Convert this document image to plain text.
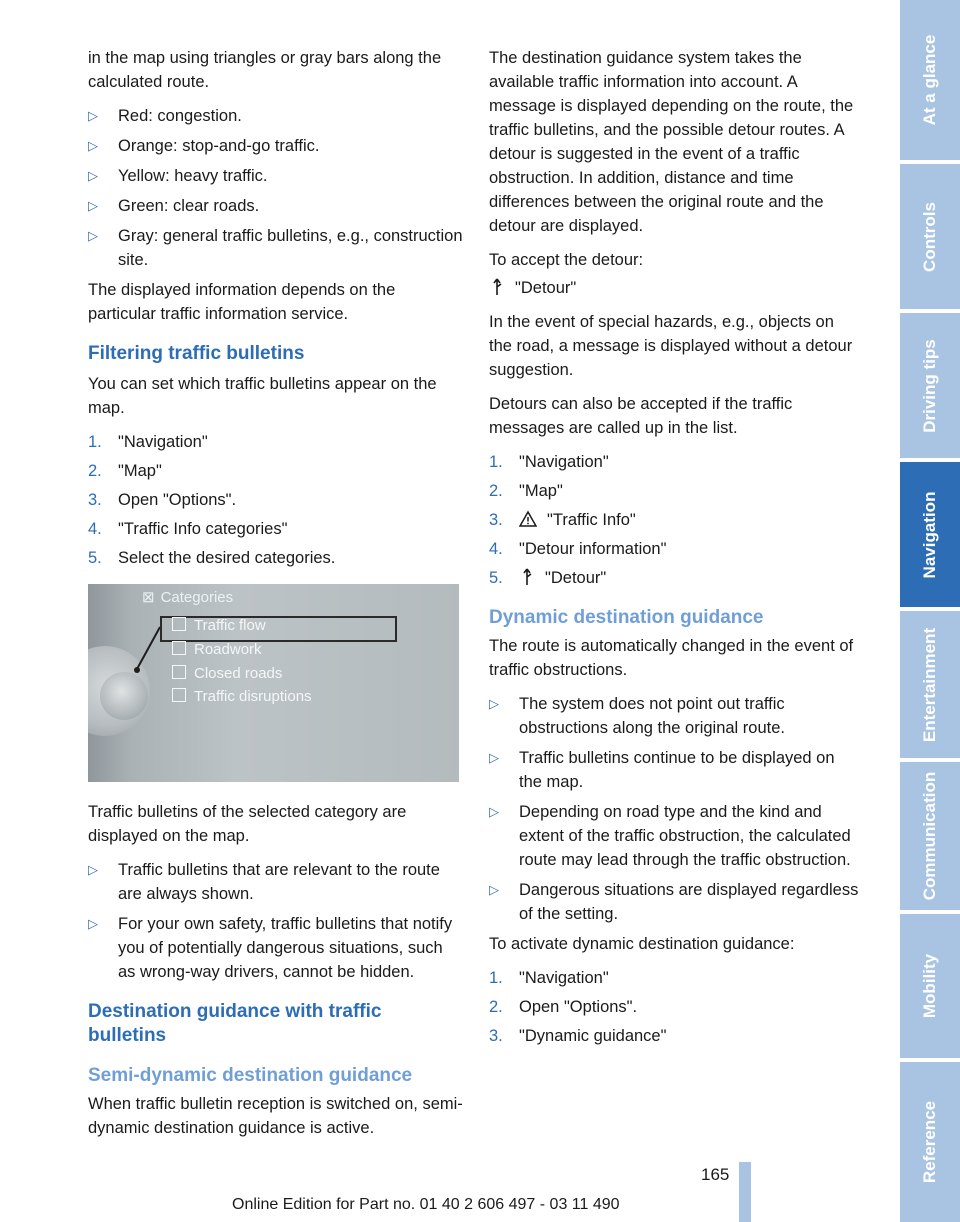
in the map using triangles or gray bars along the calculated route.

▷ Red: congestion.
▷ Orange: stop-and-go traffic.
▷ Yellow: heavy traffic.
▷ Green: clear roads.
▷ Gray: general traffic bulletins, e.g., construction site.

The displayed information depends on the particular traffic information service.

Filtering traffic bulletins

You can set which traffic bulletins appear on the map.

1. "Navigation"
2. "Map"
3. Open "Options".
4. "Traffic Info categories"
5. Select the desired categories.
⊠ Categories
Traffic flow
Roadwork
Closed roads
Traffic disruptions

Traffic bulletins of the selected category are displayed on the map.

▷ Traffic bulletins that are relevant to the route are always shown.
▷ For your own safety, traffic bulletins that notify you of potentially dangerous situations, such as wrong-way drivers, cannot be hidden.
Destination guidance with traffic bulletins
Semi-dynamic destination guidance

When traffic bulletin reception is switched on, semi-dynamic destination guidance is active.

The destination guidance system takes the available traffic information into account. A message is displayed depending on the route, the traffic bulletins, and the possible detour routes. A detour is suggested in the event of a traffic obstruction. In addition, distance and time differences between the original route and the detour are displayed.

To accept the detour:

"Detour"

In the event of special hazards, e.g., objects on the road, a message is displayed without a detour suggestion.

Detours can also be accepted if the traffic messages are called up in the list.

1. "Navigation"
2. "Map"
3.	"Traffic Info"
4. "Detour information"
5.	"Detour"
Dynamic destination guidance

The route is automatically changed in the event of traffic obstructions.

▷ The system does not point out traffic obstructions along the original route.
▷ Traffic bulletins continue to be displayed on the map.
▷ Depending on road type and the kind and extent of the traffic obstruction, the calculated route may lead through the traffic obstruction.
▷ Dangerous situations are displayed regardless of the setting.

To activate dynamic destination guidance:

1. "Navigation"
2. Open "Options".
3. "Dynamic guidance"
At a glance
Controls
Driving tips
Navigation
Entertainment
Communication
Mobility
Reference
165
Online Edition for Part no. 01 40 2 606 497 - 03 11 490
